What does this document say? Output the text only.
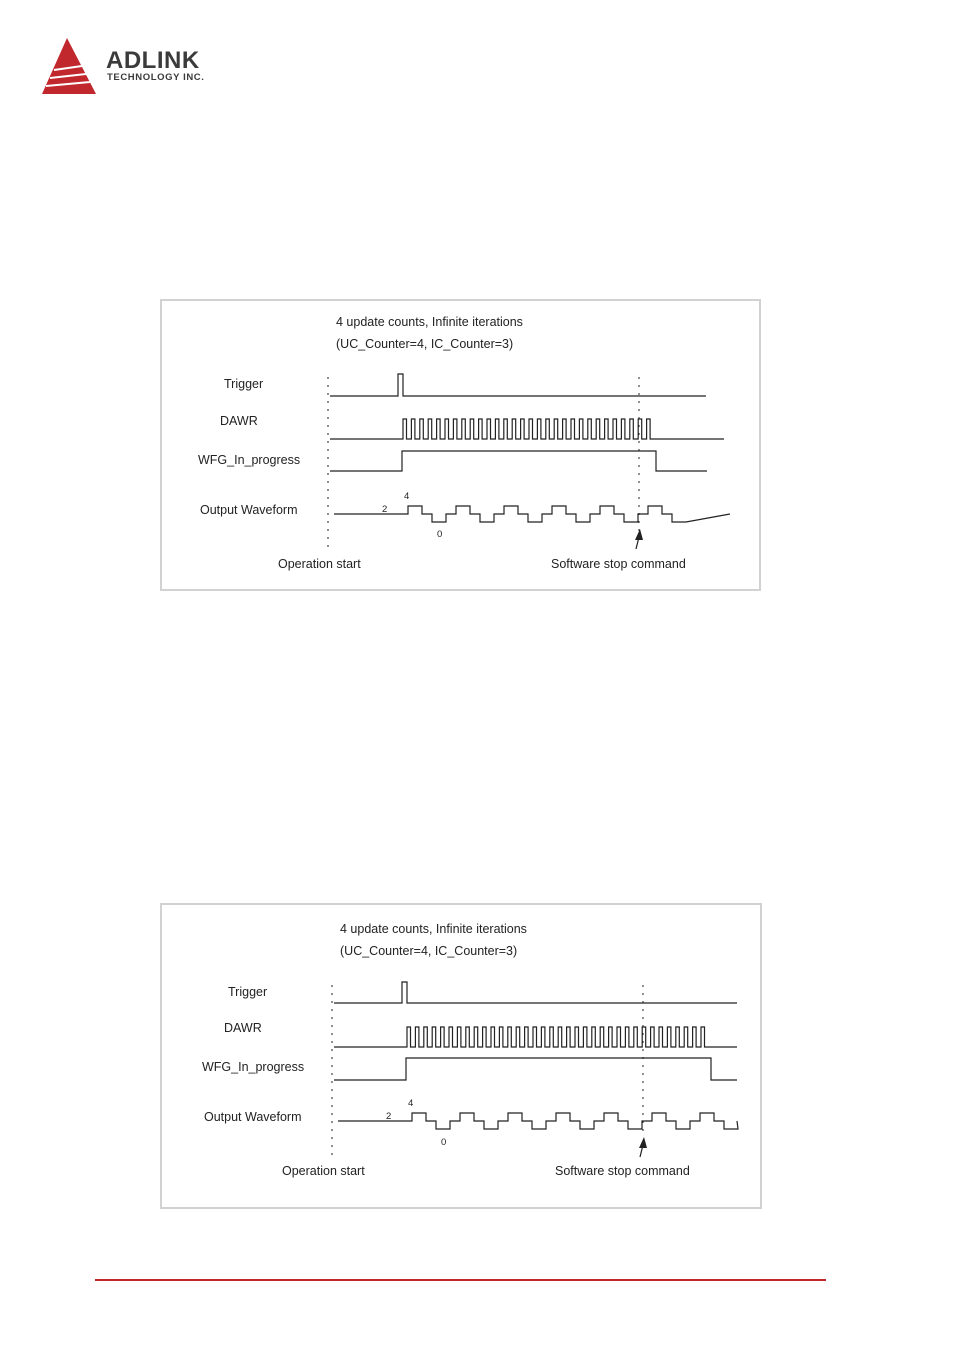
ADLINK
TECHNOLOGY INC.
4 update counts, Infinite iterations
(UC_Counter=4, IC_Counter=3)
Trigger
DAWR
WFG_In_progress
Output Waveform	2
4
0
Operation start	Software stop command
4 update counts, Infinite iterations
(UC_Counter=4, IC_Counter=3)
Trigger
DAWR
WFG_In_progress
Output Waveform	2
4
0
Operation start	Software stop command
